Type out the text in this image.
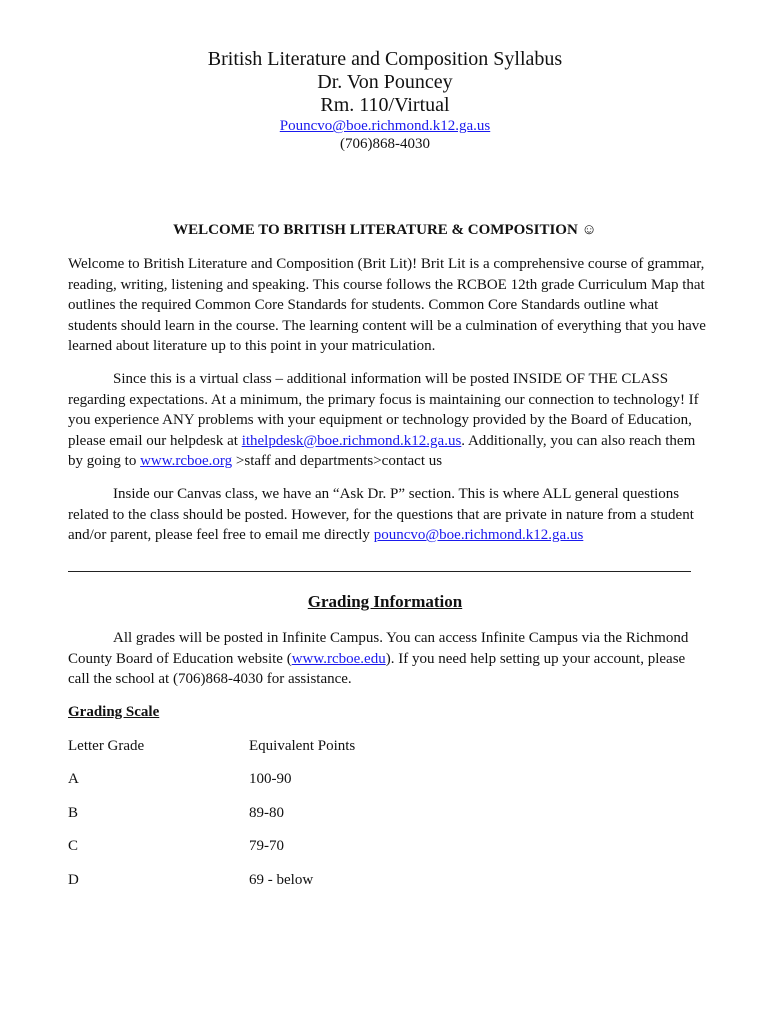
British Literature and Composition Syllabus
Dr. Von Pouncey
Rm. 110/Virtual
Pouncvo@boe.richmond.k12.ga.us
(706)868-4030
WELCOME TO BRITISH LITERATURE & COMPOSITION ☺

Welcome to British Literature and Composition (Brit Lit)! Brit Lit is a comprehensive course of grammar, reading, writing, listening and speaking. This course follows the RCBOE 12th grade Curriculum Map that outlines the required Common Core Standards for students. Common Core Standards outline what students should learn in the course. The learning content will be a culmination of everything that you have learned about literature up to this point in your matriculation.

Since this is a virtual class – additional information will be posted INSIDE OF THE CLASS regarding expectations. At a minimum, the primary focus is maintaining our connection to technology! If you experience ANY problems with your equipment or technology provided by the Board of Education, please email our helpdesk at ithelpdesk@boe.richmond.k12.ga.us. Additionally, you can also reach them by going to www.rcboe.org >staff and departments>contact us

Inside our Canvas class, we have an “Ask Dr. P” section. This is where ALL general questions related to the class should be posted. However, for the questions that are private in nature from a student and/or parent, please feel free to email me directly pouncvo@boe.richmond.k12.ga.us

Grading Information

All grades will be posted in Infinite Campus. You can access Infinite Campus via the Richmond County Board of Education website (www.rcboe.edu). If you need help setting up your account, please call the school at (706)868-4030 for assistance.

Grading Scale
Letter Grade	Equivalent Points
A	100-90
B	89-80
C	79-70
D	69 - below
